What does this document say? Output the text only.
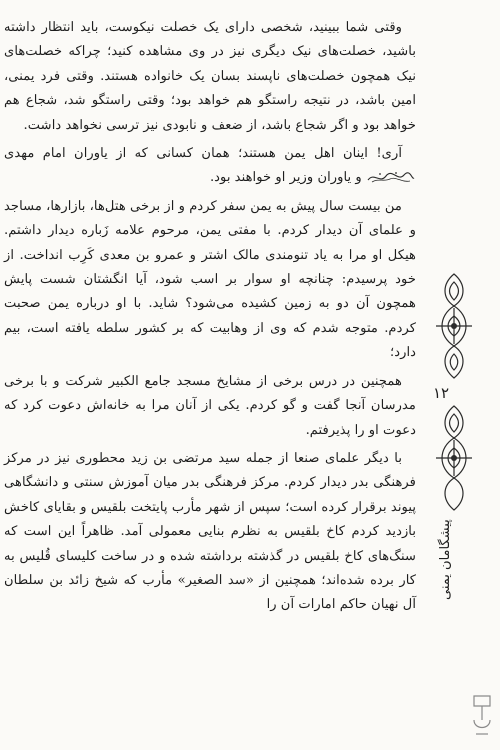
وقتی شما ببینید، شخصی دارای یک خصلت نیکوست، باید انتظار داشته باشید، خصلت‌های نیک دیگری نیز در وی مشاهده کنید؛ چراکه خصلت‌های نیک همچون خصلت‌های ناپسند بسان یک خانواده هستند. وقتی فرد یمنی، امین باشد، در نتیجه راستگو هم خواهد بود؛ وقتی راستگو شد، شجاع هم خواهد بود و اگر شجاع باشد، از ضعف و نابودی نیز ترسی نخواهد داشت.

آری! اینان اهل یمن هستند؛ همان کسانی که از یاوران امام مهدی  و یاوران وزیر او خواهند بود.

من بیست سال پیش به یمن سفر کردم و از برخی هتل‌ها، بازارها، مساجد و علمای آن دیدار کردم. با مفتی یمن، مرحوم علامه زَباره دیدار داشتم. هیکل او مرا به یاد تنومندی مالک اشتر و عمرو بن معدی کَرِب انداخت. از خود پرسیدم: چنانچه او سوار بر اسب شود، آیا انگشتان شست پایش همچون آن دو به زمین کشیده می‌شود؟ شاید. با او درباره یمن صحبت کردم. متوجه شدم که وی از وهابیت که بر کشور سلطه یافته است، بیم دارد؛

همچنین در درس برخی از مشایخ مسجد جامع الکبیر شرکت و با برخی مدرسان آنجا گفت و گو کردم. یکی از آنان مرا به خانه‌اش دعوت کرد که دعوت او را پذیرفتم.

با دیگر علمای صنعا از جمله سید مرتضی بن زید محطوری نیز در مرکز فرهنگی بدر دیدار کردم. مرکز فرهنگی بدر میان آموزش سنتی و دانشگاهی پیوند برقرار کرده است؛ سپس از شهر مأرب پایتخت بلقیس و بقایای کاخش بازدید کردم کاخ بلقیس به نظرم بنایی معمولی آمد. ظاهراً این است که سنگ‌های کاخ بلقیس در گذشته برداشته شده و در ساخت کلیسای قُلیس به کار برده شده‌اند؛ همچنین از «سد الصغیر» مأرب که شیخ زائد بن سلطان آل نهیان حاکم امارات آن را

۱۲
پیشگامان یمنی
